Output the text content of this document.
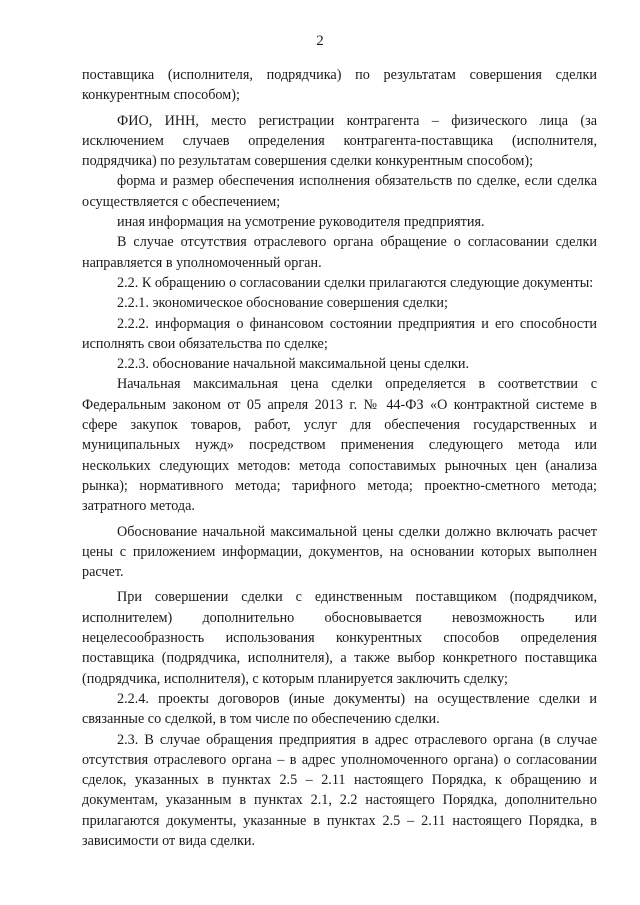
2

поставщика (исполнителя, подрядчика) по результатам совершения сделки конкурентным способом);

ФИО, ИНН, место регистрации контрагента – физического лица (за исключением случаев определения контрагента-поставщика (исполнителя, подрядчика) по результатам совершения сделки конкурентным способом);

форма и размер обеспечения исполнения обязательств по сделке, если сделка осуществляется с обеспечением;

иная информация на усмотрение руководителя предприятия.

В случае отсутствия отраслевого органа обращение о согласовании сделки направляется в уполномоченный орган.

2.2. К обращению о согласовании сделки прилагаются следующие документы:

2.2.1. экономическое обоснование совершения сделки;

2.2.2. информация о финансовом состоянии предприятия и его способности исполнять свои обязательства по сделке;

2.2.3. обоснование начальной максимальной цены сделки.

Начальная максимальная цена сделки определяется в соответствии с Федеральным законом от 05 апреля 2013 г. № 44-ФЗ «О контрактной системе в сфере закупок товаров, работ, услуг для обеспечения государственных и муниципальных нужд» посредством применения следующего метода или нескольких следующих методов: метода сопоставимых рыночных цен (анализа рынка); нормативного метода; тарифного метода; проектно-сметного метода; затратного метода.

Обоснование начальной максимальной цены сделки должно включать расчет цены с приложением информации, документов, на основании которых выполнен расчет.

При совершении сделки с единственным поставщиком (подрядчиком, исполнителем) дополнительно обосновывается невозможность или нецелесообразность использования конкурентных способов определения поставщика (подрядчика, исполнителя), а также выбор конкретного поставщика (подрядчика, исполнителя), с которым планируется заключить сделку;

2.2.4. проекты договоров (иные документы) на осуществление сделки и связанные со сделкой, в том числе по обеспечению сделки.

2.3. В случае обращения предприятия в адрес отраслевого органа (в случае отсутствия отраслевого органа – в адрес уполномоченного органа) о согласовании сделок, указанных в пунктах 2.5 – 2.11 настоящего Порядка, к обращению и документам, указанным в пунктах 2.1, 2.2 настоящего Порядка, дополнительно прилагаются документы, указанные в пунктах 2.5 – 2.11 настоящего Порядка, в зависимости от вида сделки.
